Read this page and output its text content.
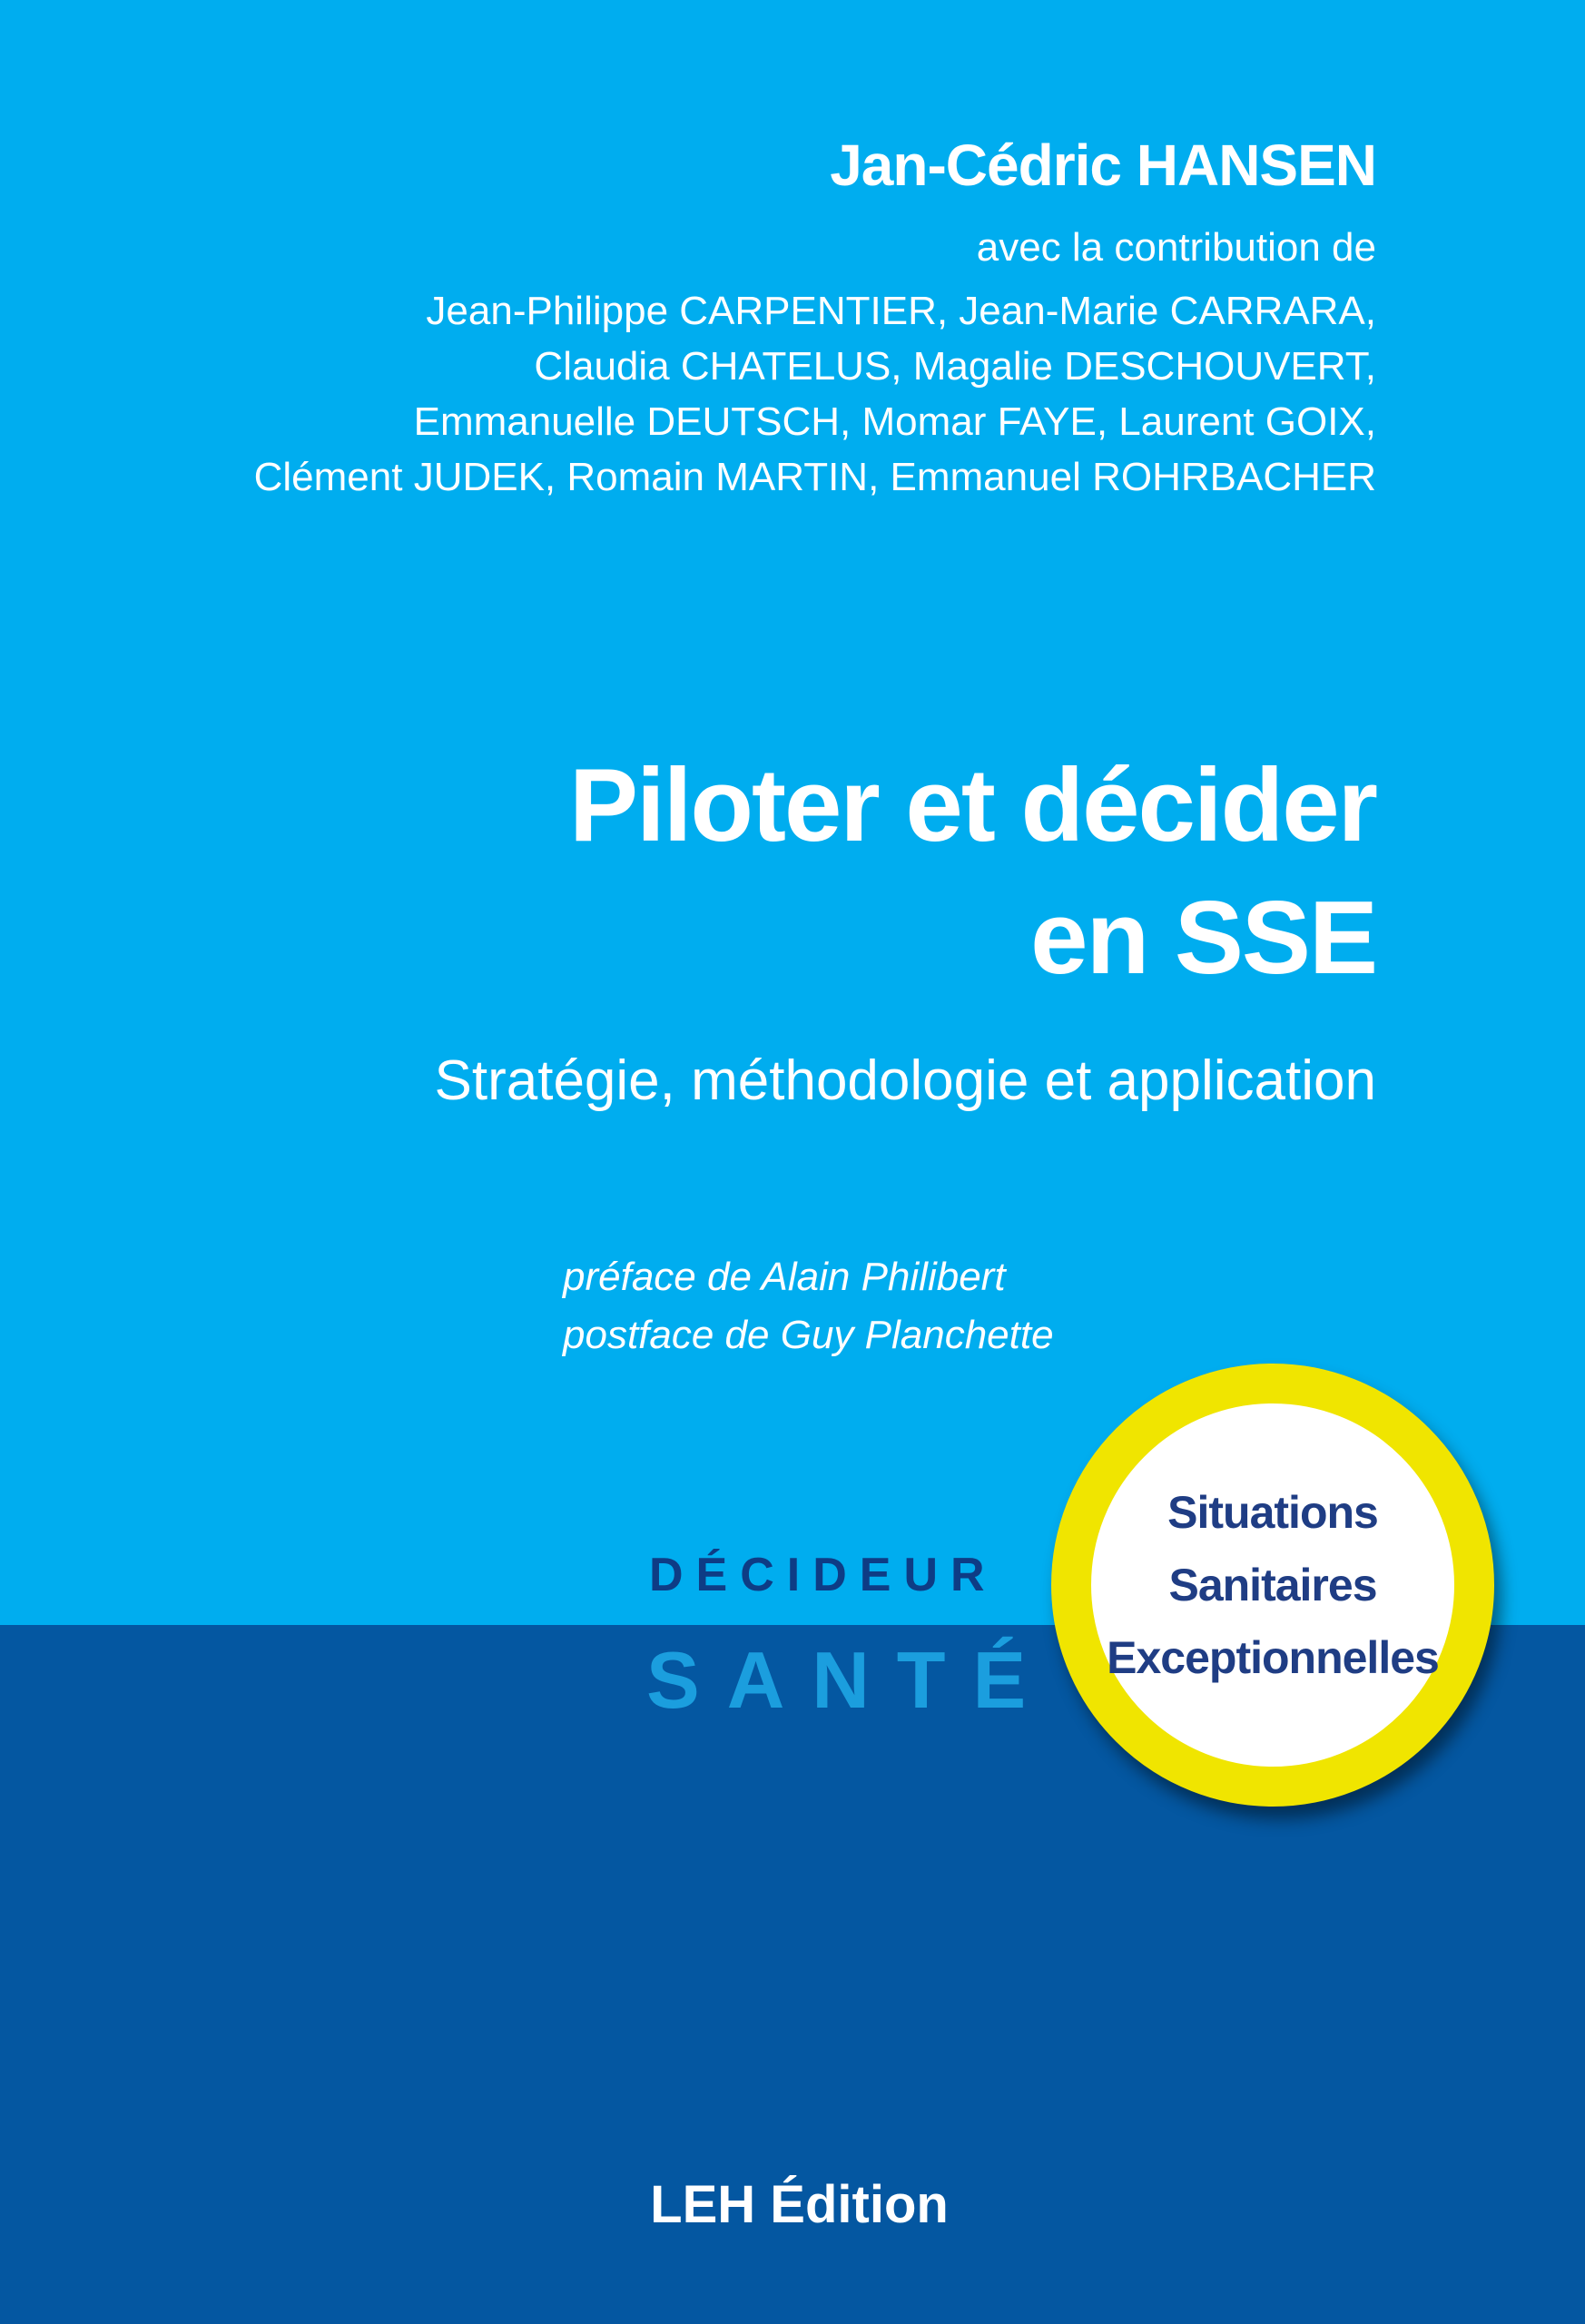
Jan-Cédric HANSEN
avec la contribution de
Jean-Philippe CARPENTIER, Jean-Marie CARRARA,
Claudia CHATELUS, Magalie DESCHOUVERT,
Emmanuelle DEUTSCH, Momar FAYE, Laurent GOIX,
Clément JUDEK, Romain MARTIN, Emmanuel ROHRBACHER
Piloter et décider
en SSE
Stratégie, méthodologie et application
préface de Alain Philibert
postface de Guy Planchette
DÉCIDEUR
SANTÉ
Situations
Sanitaires
Exceptionnelles
LEH Édition
